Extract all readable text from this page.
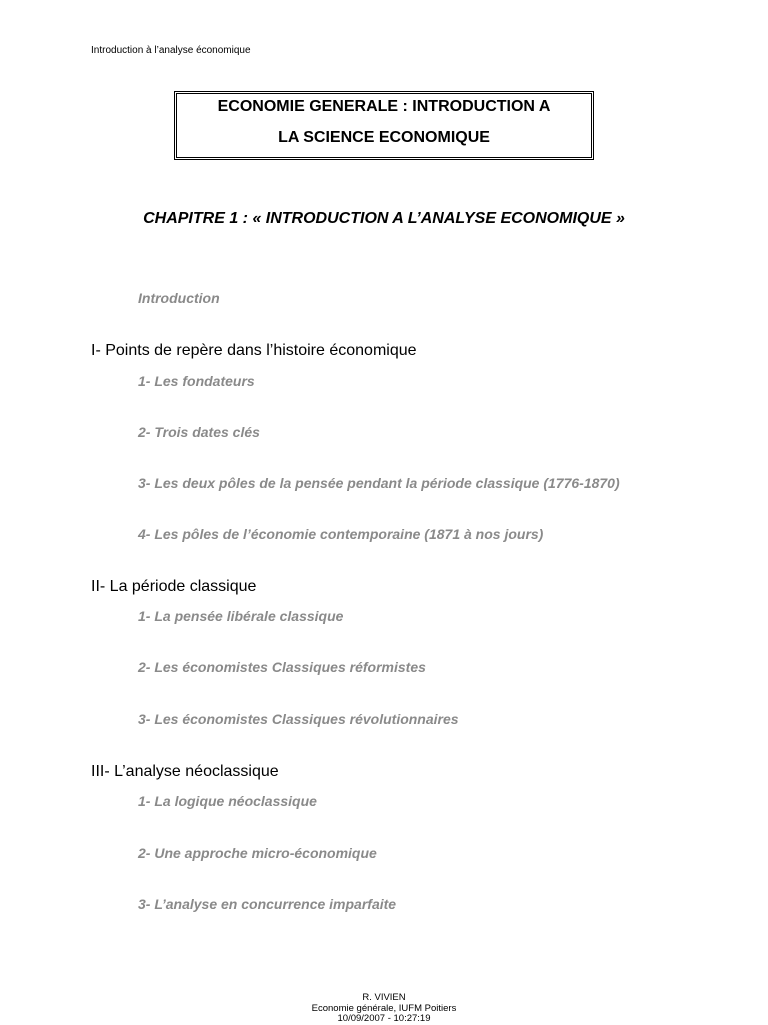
Introduction à l’analyse économique
ECONOMIE GENERALE : INTRODUCTION A
LA SCIENCE ECONOMIQUE
CHAPITRE 1 : « INTRODUCTION A L’ANALYSE ECONOMIQUE »
Introduction
I- Points de repère dans l’histoire économique
1- Les fondateurs
2- Trois dates clés
3- Les deux pôles de la pensée pendant la période classique (1776-1870)
4- Les pôles de l’économie contemporaine (1871 à nos jours)
II- La période classique
1- La pensée libérale classique
2- Les économistes Classiques réformistes
3- Les économistes Classiques révolutionnaires
III- L’analyse néoclassique
1- La logique néoclassique
2- Une approche micro-économique
3- L’analyse en concurrence imparfaite
R. VIVIEN
Economie générale, IUFM Poitiers
10/09/2007 - 10:27:19
